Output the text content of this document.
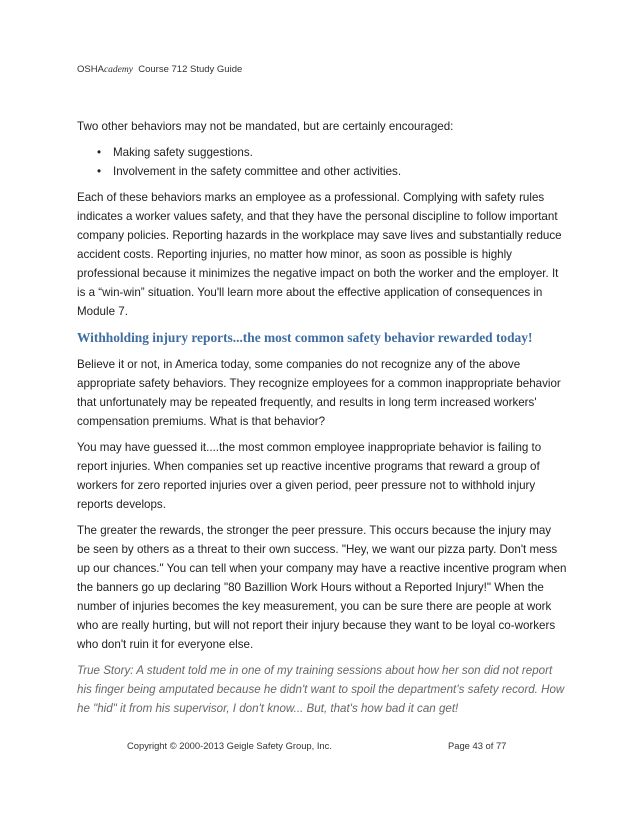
OSHAcademy Course 712 Study Guide

Two other behaviors may not be mandated, but are certainly encouraged:

• Making safety suggestions.
• Involvement in the safety committee and other activities.

Each of these behaviors marks an employee as a professional. Complying with safety rules indicates a worker values safety, and that they have the personal discipline to follow important company policies. Reporting hazards in the workplace may save lives and substantially reduce accident costs. Reporting injuries, no matter how minor, as soon as possible is highly professional because it minimizes the negative impact on both the worker and the employer. It is a “win-win” situation. You'll learn more about the effective application of consequences in Module 7.

Withholding injury reports...the most common safety behavior rewarded today!

Believe it or not, in America today, some companies do not recognize any of the above appropriate safety behaviors. They recognize employees for a common inappropriate behavior that unfortunately may be repeated frequently, and results in long term increased workers' compensation premiums. What is that behavior?

You may have guessed it....the most common employee inappropriate behavior is failing to report injuries. When companies set up reactive incentive programs that reward a group of workers for zero reported injuries over a given period, peer pressure not to withhold injury reports develops.

The greater the rewards, the stronger the peer pressure. This occurs because the injury may be seen by others as a threat to their own success. "Hey, we want our pizza party. Don't mess up our chances." You can tell when your company may have a reactive incentive program when the banners go up declaring "80 Bazillion Work Hours without a Reported Injury!" When the number of injuries becomes the key measurement, you can be sure there are people at work who are really hurting, but will not report their injury because they want to be loyal co-workers who don't ruin it for everyone else.

True Story: A student told me in one of my training sessions about how her son did not report his finger being amputated because he didn't want to spoil the department’s safety record. How he "hid" it from his supervisor, I don't know... But, that's how bad it can get!

Copyright © 2000-2013 Geigle Safety Group, Inc.	Page 43 of 77
